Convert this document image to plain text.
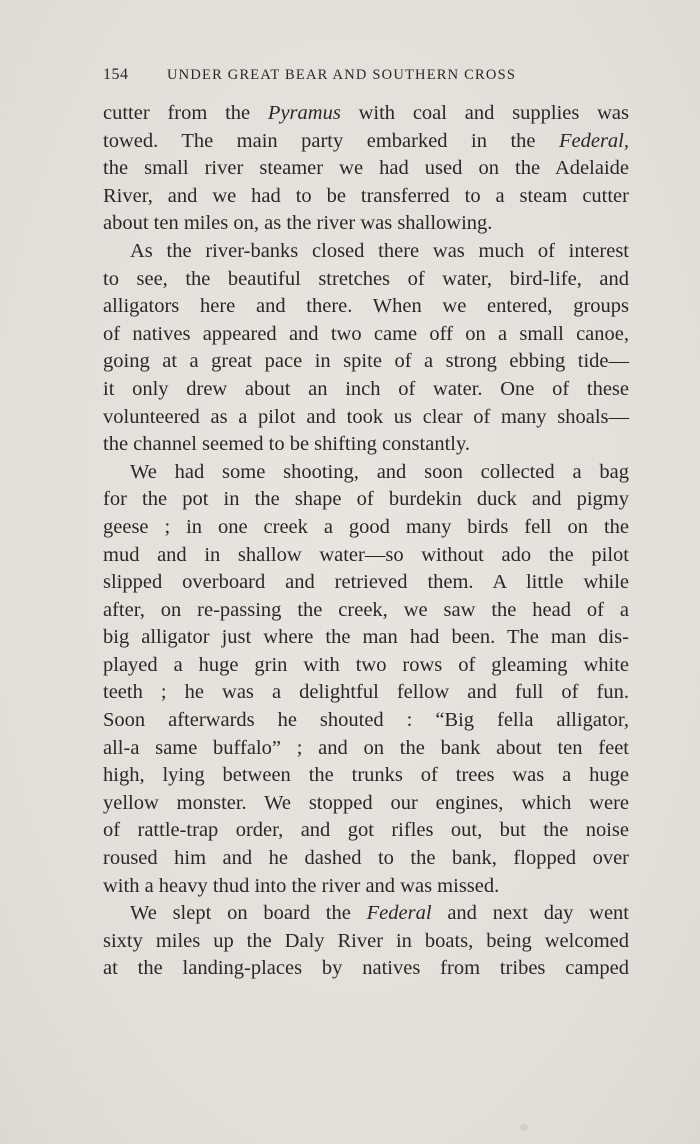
154	UNDER GREAT BEAR AND SOUTHERN CROSS
cutter from the Pyramus with coal and supplies was
towed. The main party embarked in the Federal,
the small river steamer we had used on the Adelaide
River, and we had to be transferred to a steam cutter
about ten miles on, as the river was shallowing.
As the river-banks closed there was much of interest
to see, the beautiful stretches of water, bird-life, and
alligators here and there. When we entered, groups
of natives appeared and two came off on a small canoe,
going at a great pace in spite of a strong ebbing tide—
it only drew about an inch of water. One of these
volunteered as a pilot and took us clear of many shoals—
the channel seemed to be shifting constantly.
We had some shooting, and soon collected a bag
for the pot in the shape of burdekin duck and pigmy
geese ; in one creek a good many birds fell on the
mud and in shallow water—so without ado the pilot
slipped overboard and retrieved them. A little while
after, on re-passing the creek, we saw the head of a
big alligator just where the man had been. The man dis-
played a huge grin with two rows of gleaming white
teeth ; he was a delightful fellow and full of fun.
Soon afterwards he shouted : “Big fella alligator,
all-a same buffalo” ; and on the bank about ten feet
high, lying between the trunks of trees was a huge
yellow monster. We stopped our engines, which were
of rattle-trap order, and got rifles out, but the noise
roused him and he dashed to the bank, flopped over
with a heavy thud into the river and was missed.
We slept on board the Federal and next day went
sixty miles up the Daly River in boats, being welcomed
at the landing-places by natives from tribes camped
